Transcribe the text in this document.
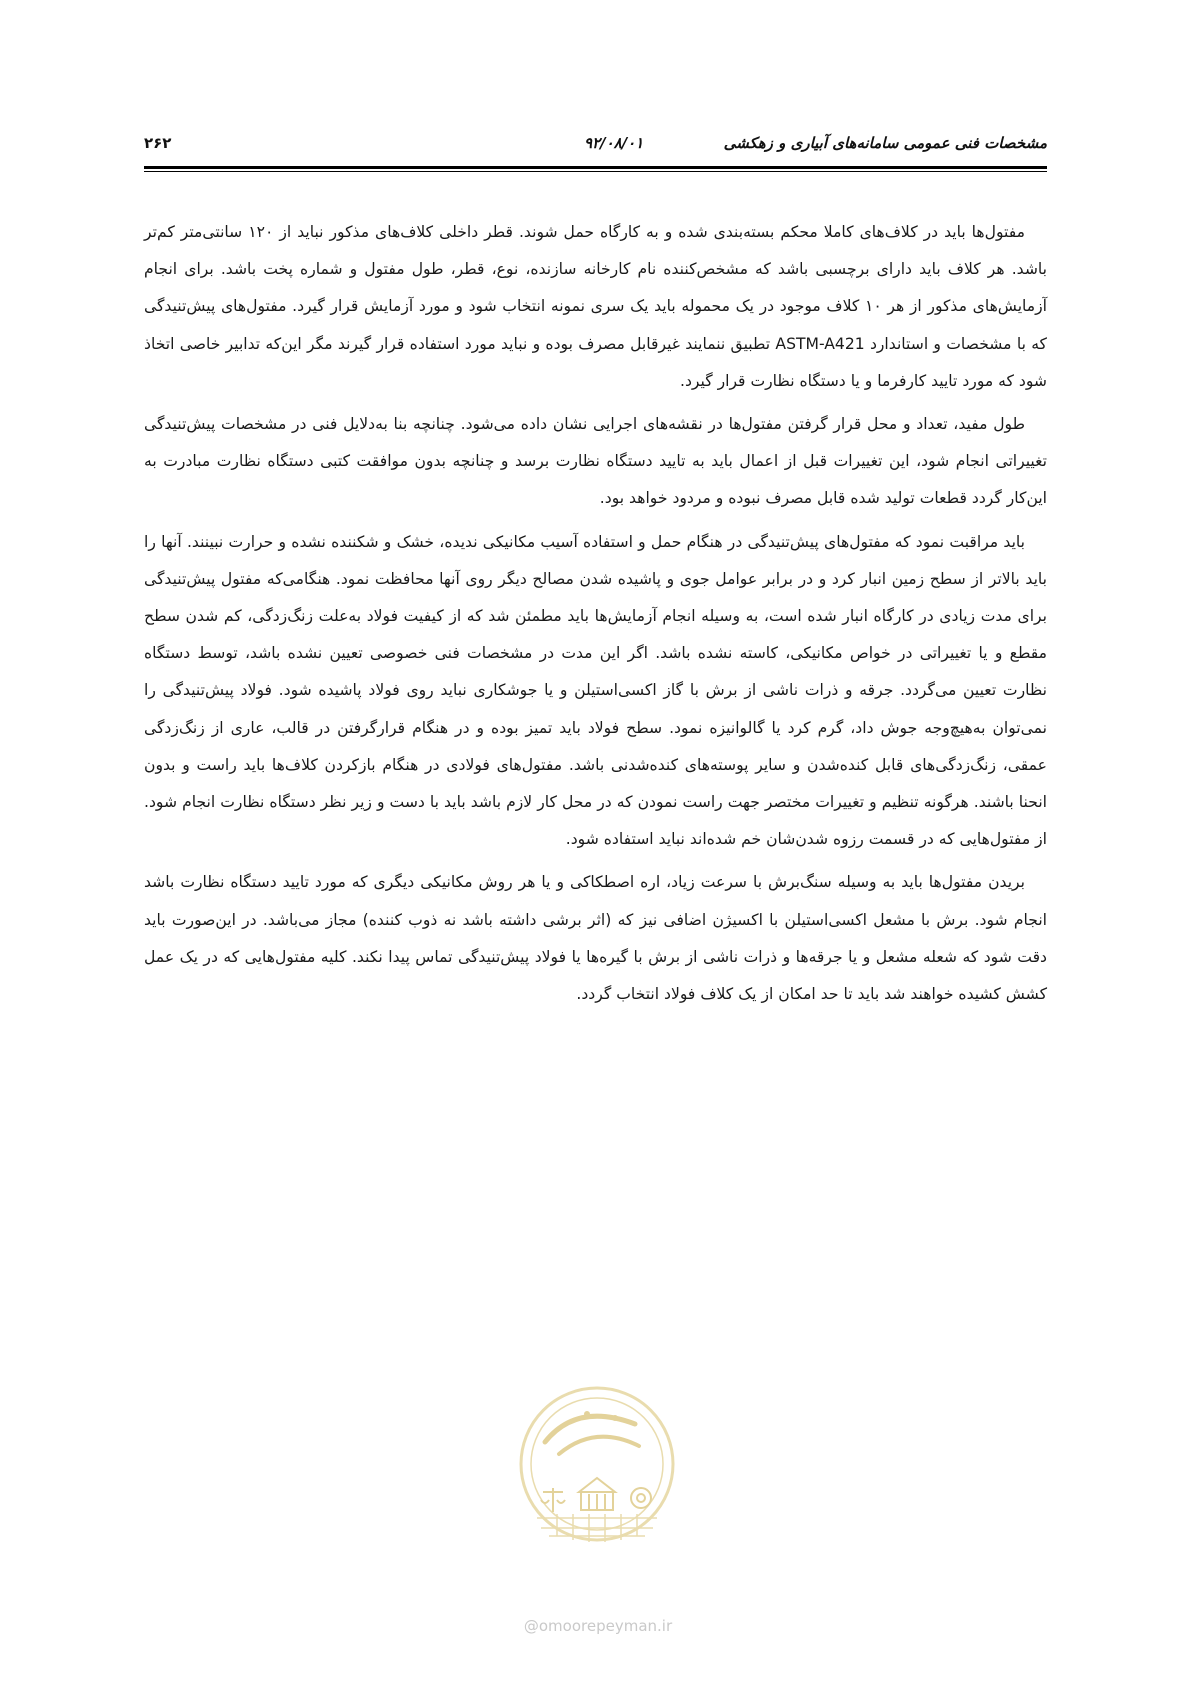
۲۶۲	۹۲/۰۸/۰۱	مشخصات فنی عمومی سامانه‌های آبیاری و زهکشی

مفتول‌ها باید در کلاف‌های کاملا محکم بسته‌بندی شده و به کارگاه حمل شوند. قطر داخلی کلاف‌های مذکور نباید از ۱۲۰ سانتی‌متر کم‌تر باشد. هر کلاف باید دارای برچسبی باشد که مشخص‌کننده نام کارخانه سازنده، نوع، قطر، طول مفتول و شماره پخت باشد. برای انجام آزمایش‌های مذکور از هر ۱۰ کلاف موجود در یک محموله باید یک سری نمونه انتخاب شود و مورد آزمایش قرار گیرد. مفتول‌های پیش‌تنیدگی که با مشخصات و استاندارد ASTM-A421 تطبیق ننمایند غیرقابل مصرف بوده و نباید مورد استفاده قرار گیرند مگر این‌که تدابیر خاصی اتخاذ شود که مورد تایید کارفرما و یا دستگاه نظارت قرار گیرد.

طول مفید، تعداد و محل قرار گرفتن مفتول‌ها در نقشه‌های اجرایی نشان داده می‌شود. چنانچه بنا به‌دلایل فنی در مشخصات پیش‌تنیدگی تغییراتی انجام شود، این تغییرات قبل از اعمال باید به تایید دستگاه نظارت برسد و چنانچه بدون موافقت کتبی دستگاه نظارت مبادرت به این‌کار گردد قطعات تولید شده قابل مصرف نبوده و مردود خواهد بود.

باید مراقبت نمود که مفتول‌های پیش‌تنیدگی در هنگام حمل و استفاده آسیب مکانیکی ندیده، خشک و شکننده نشده و حرارت نبینند. آنها را باید بالاتر از سطح زمین انبار کرد و در برابر عوامل جوی و پاشیده شدن مصالح دیگر روی آنها محافظت نمود. هنگامی‌که مفتول پیش‌تنیدگی برای مدت زیادی در کارگاه انبار شده است، به وسیله انجام آزمایش‌ها باید مطمئن شد که از کیفیت فولاد به‌علت زنگ‌زدگی، کم شدن سطح مقطع و یا تغییراتی در خواص مکانیکی، کاسته نشده باشد. اگر این مدت در مشخصات فنی خصوصی تعیین نشده باشد، توسط دستگاه نظارت تعیین می‌گردد. جرقه و ذرات ناشی از برش با گاز اکسی‌استیلن و یا جوشکاری نباید روی فولاد پاشیده شود. فولاد پیش‌تنیدگی را نمی‌توان به‌هیچ‌وجه جوش داد، گرم کرد یا گالوانیزه نمود. سطح فولاد باید تمیز بوده و در هنگام قرارگرفتن در قالب، عاری از زنگ‌زدگی عمقی، زنگ‌زدگی‌های قابل کنده‌شدن و سایر پوسته‌های کنده‌شدنی باشد. مفتول‌های فولادی در هنگام بازکردن کلاف‌ها باید راست و بدون انحنا باشند. هرگونه تنظیم و تغییرات مختصر جهت راست نمودن که در محل کار لازم باشد باید با دست و زیر نظر دستگاه نظارت انجام شود. از مفتول‌هایی که در قسمت رزوه شدن‌شان خم شده‌اند نباید استفاده شود.

بریدن مفتول‌ها باید به وسیله سنگ‌برش با سرعت زیاد، اره اصطکاکی و یا هر روش مکانیکی دیگری که مورد تایید دستگاه نظارت باشد انجام شود. برش با مشعل اکسی‌استیلن با اکسیژن اضافی نیز که (اثر برشی داشته باشد نه ذوب کننده) مجاز می‌باشد. در این‌صورت باید دقت شود که شعله مشعل و یا جرقه‌ها و ذرات ناشی از برش با گیره‌ها یا فولاد پیش‌تنیدگی تماس پیدا نکند. کلیه مفتول‌هایی که در یک عمل کشش کشیده خواهند شد باید تا حد امکان از یک کلاف فولاد انتخاب گردد.

@omoorepeyman.ir
